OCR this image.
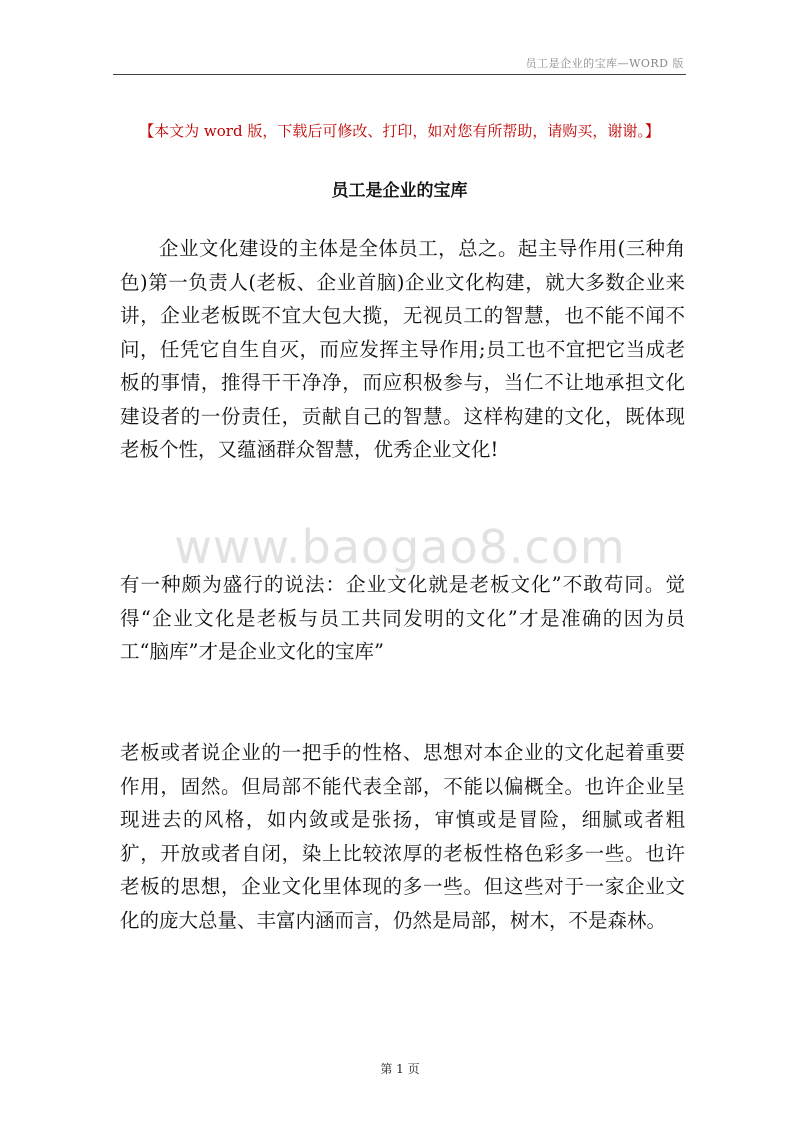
员工是企业的宝库—WORD 版
【本文为 word 版，下载后可修改、打印，如对您有所帮助，请购买，谢谢。】
员工是企业的宝库
www.baogao8.com
企业文化建设的主体是全体员工，总之。起主导作用(三种角色)第一负责人(老板、企业首脑)企业文化构建，就大多数企业来讲，企业老板既不宜大包大揽，无视员工的智慧，也不能不闻不问，任凭它自生自灭，而应发挥主导作用;员工也不宜把它当成老板的事情，推得干干净净，而应积极参与，当仁不让地承担文化建设者的一份责任，贡献自己的智慧。这样构建的文化，既体现老板个性，又蕴涵群众智慧，优秀企业文化!
有一种颇为盛行的说法：企业文化就是老板文化”不敢苟同。觉得“企业文化是老板与员工共同发明的文化”才是准确的因为员工“脑库”才是企业文化的宝库”
老板或者说企业的一把手的性格、思想对本企业的文化起着重要作用，固然。但局部不能代表全部，不能以偏概全。也许企业呈现进去的风格，如内敛或是张扬，审慎或是冒险，细腻或者粗犷，开放或者自闭，染上比较浓厚的老板性格色彩多一些。也许老板的思想，企业文化里体现的多一些。但这些对于一家企业文化的庞大总量、丰富内涵而言，仍然是局部，树木，不是森林。
第 1 页
